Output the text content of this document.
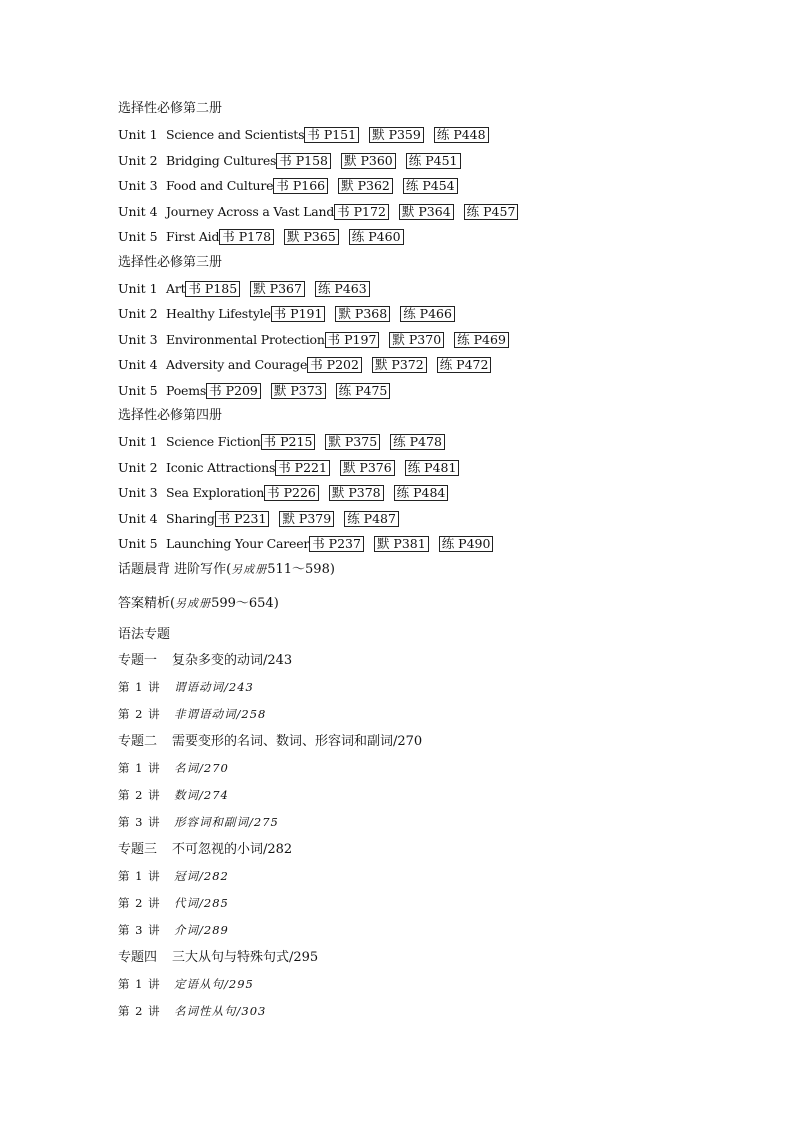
选择性必修第二册
Unit 1 Science and Scientists 书 P151 默 P359 练 P448
Unit 2 Bridging Cultures 书 P158 默 P360 练 P451
Unit 3 Food and Culture 书 P166 默 P362 练 P454
Unit 4 Journey Across a Vast Land 书 P172 默 P364 练 P457
Unit 5 First Aid 书 P178 默 P365 练 P460
选择性必修第三册
Unit 1 Art 书 P185 默 P367 练 P463
Unit 2 Healthy Lifestyle 书 P191 默 P368 练 P466
Unit 3 Environmental Protection 书 P197 默 P370 练 P469
Unit 4 Adversity and Courage 书 P202 默 P372 练 P472
Unit 5 Poems 书 P209 默 P373 练 P475
选择性必修第四册
Unit 1 Science Fiction 书 P215 默 P375 练 P478
Unit 2 Iconic Attractions 书 P221 默 P376 练 P481
Unit 3 Sea Exploration 书 P226 默 P378 练 P484
Unit 4 Sharing 书 P231 默 P379 练 P487
Unit 5 Launching Your Career 书 P237 默 P381 练 P490
话题晨背 进阶写作(另成册511～598)
答案精析(另成册599～654)
语法专题
专题一 复杂多变的动词/243
第 1 讲 谓语动词/243
第 2 讲 非谓语动词/258
专题二 需要变形的名词、数词、形容词和副词/270
第 1 讲 名词/270
第 2 讲 数词/274
第 3 讲 形容词和副词/275
专题三 不可忽视的小词/282
第 1 讲 冠词/282
第 2 讲 代词/285
第 3 讲 介词/289
专题四 三大从句与特殊句式/295
第 1 讲 定语从句/295
第 2 讲 名词性从句/303
